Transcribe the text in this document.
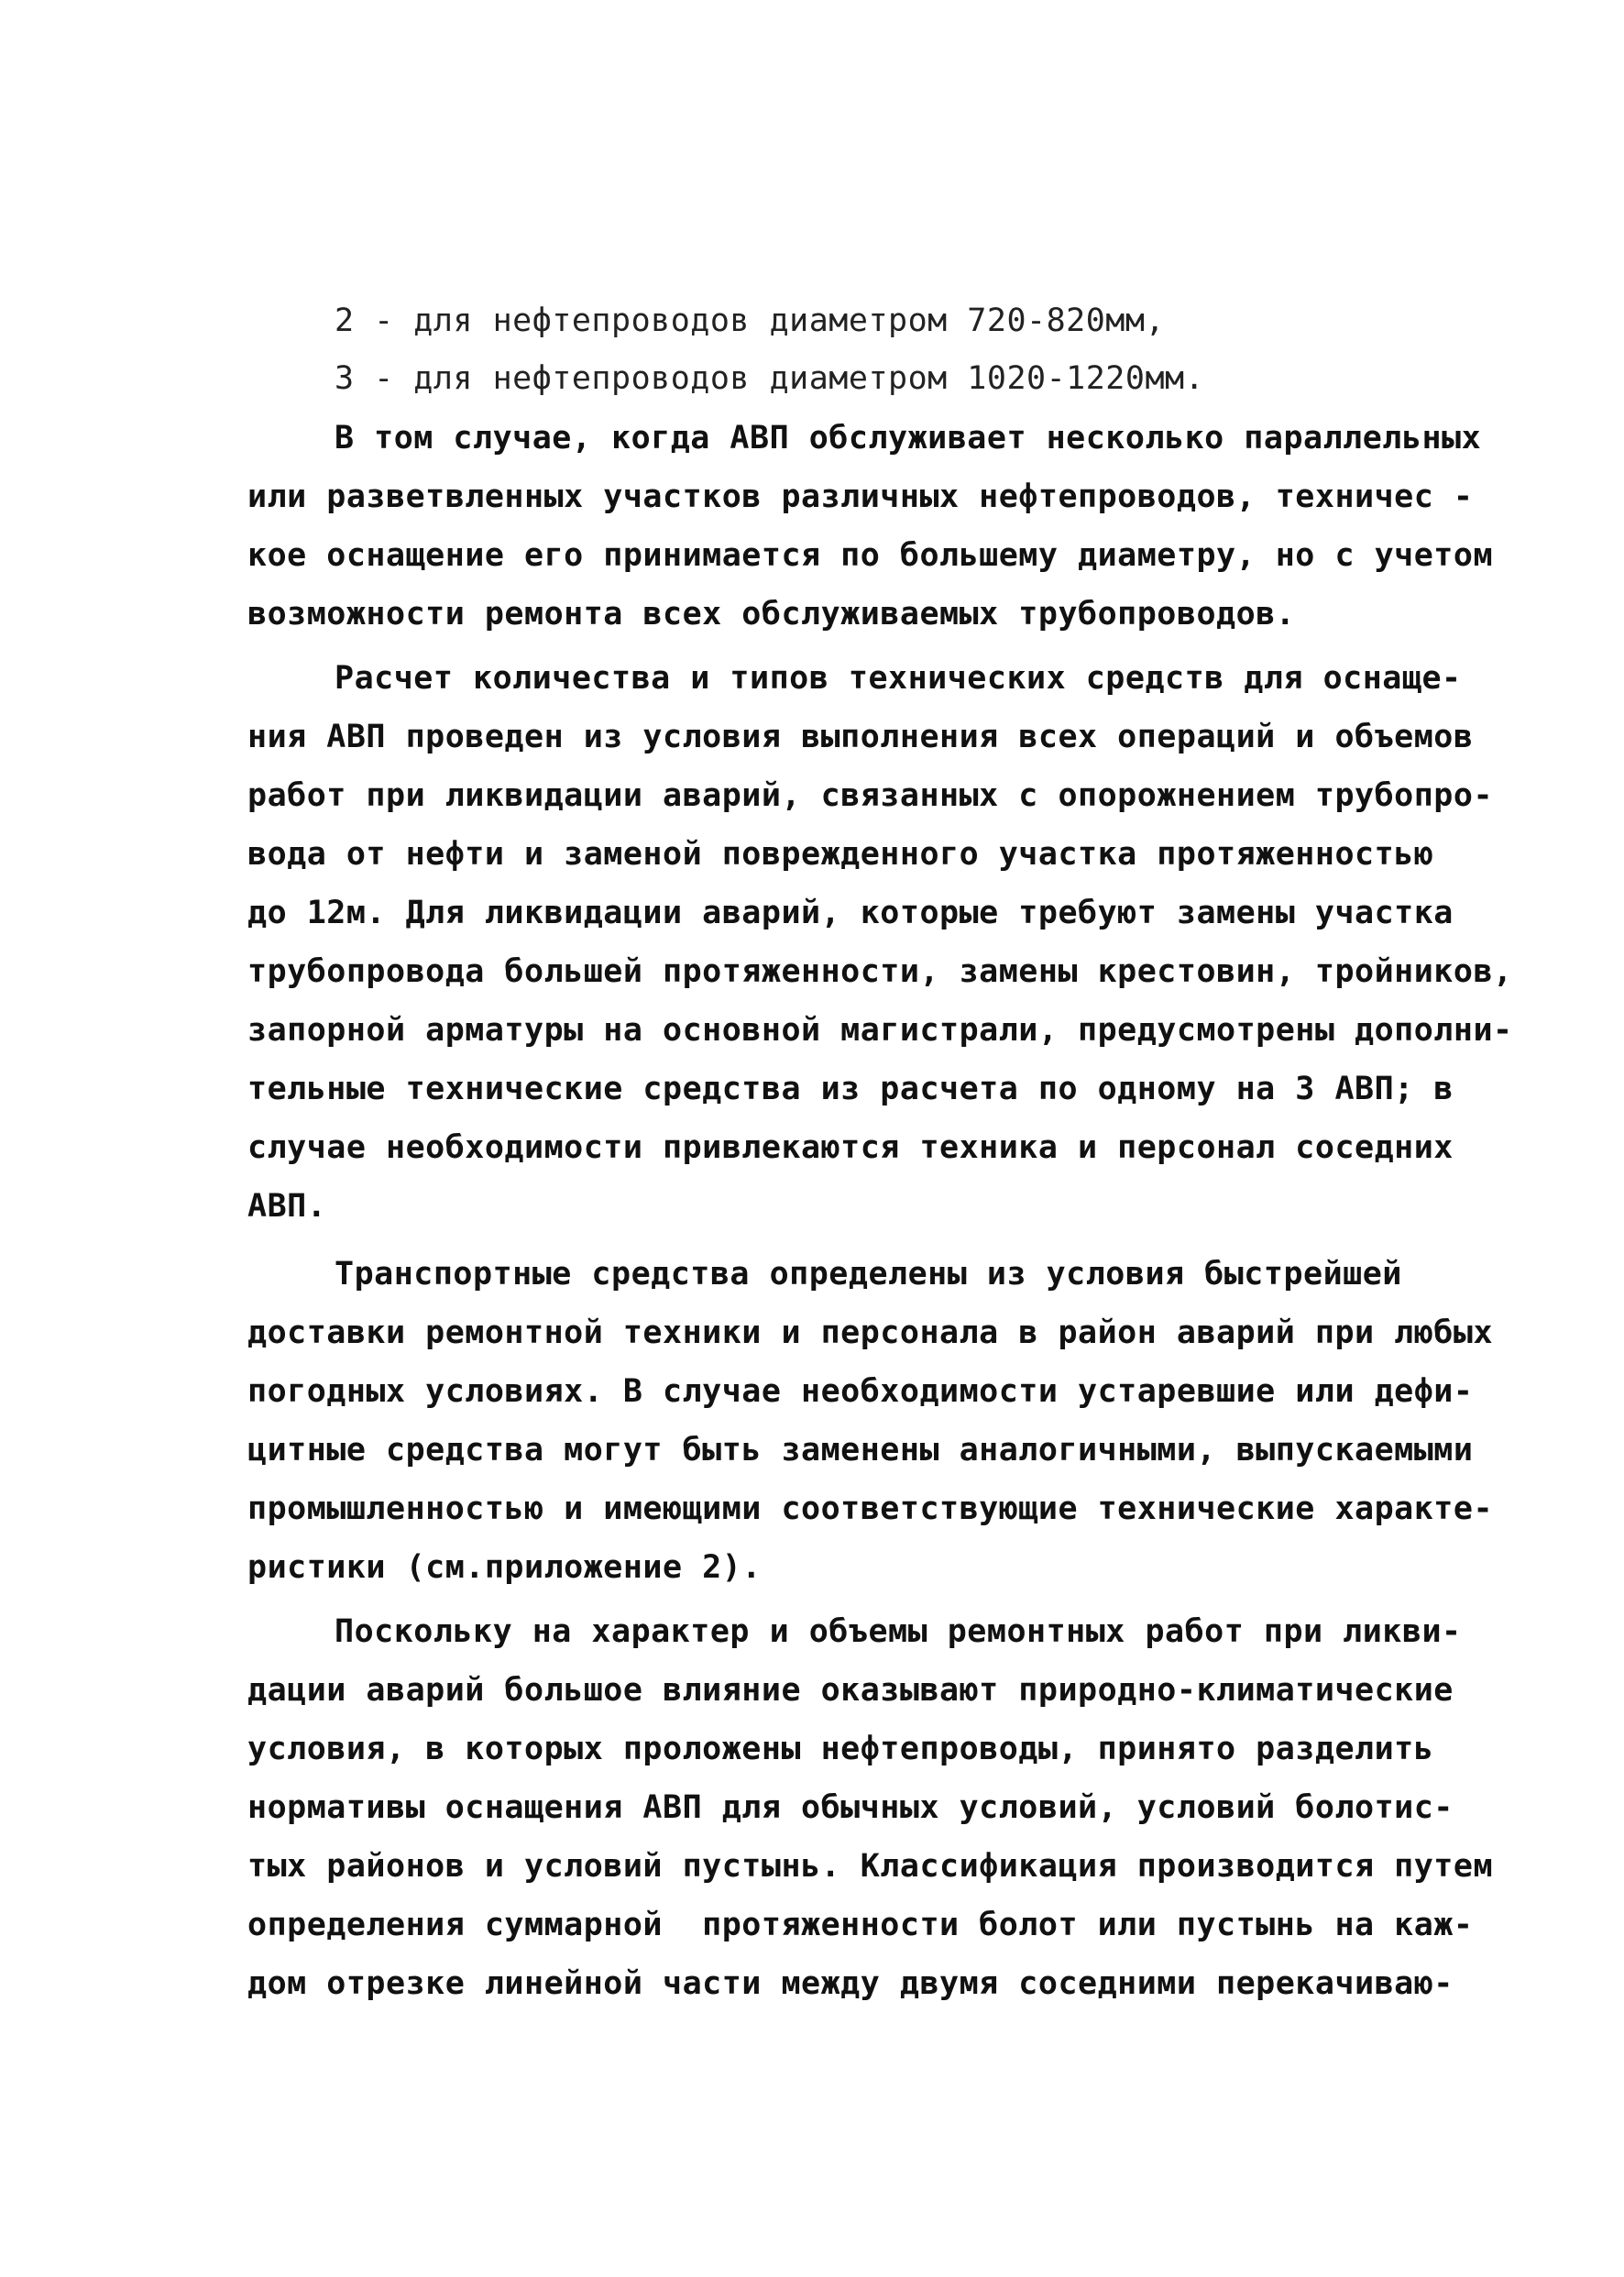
2 - для нефтепроводов диаметром 720-820мм,
3 - для нефтепроводов диаметром 1020-1220мм.
В том случае, когда АВП обслуживает несколько параллельных
или разветвленных участков различных нефтепроводов, техничес -
кое оснащение его принимается по большему диаметру, но с учетом
возможности ремонта всех обслуживаемых трубопроводов.
Расчет количества и типов технических средств для оснаще-
ния АВП проведен из условия выполнения всех операций и объемов
работ при ликвидации аварий, связанных с опорожнением трубопро-
вода от нефти и заменой поврежденного участка протяженностью
до 12м. Для ликвидации аварий, которые требуют замены участка
трубопровода большей протяженности, замены крестовин, тройников,
запорной арматуры на основной магистрали, предусмотрены дополни-
тельные технические средства из расчета по одному на 3 АВП; в
случае необходимости привлекаются техника и персонал соседних
АВП.
Транспортные средства определены из условия быстрейшей
доставки ремонтной техники и персонала в район аварий при любых
погодных условиях. В случае необходимости устаревшие или дефи-
цитные средства могут быть заменены аналогичными, выпускаемыми
промышленностью и имеющими соответствующие технические характе-
ристики (см.приложение 2).
Поскольку на характер и объемы ремонтных работ при ликви-
дации аварий большое влияние оказывают природно-климатические
условия, в которых проложены нефтепроводы, принято разделить
нормативы оснащения АВП для обычных условий, условий болотис-
тых районов и условий пустынь. Классификация производится путем
определения суммарной  протяженности болот или пустынь на каж-
дом отрезке линейной части между двумя соседними перекачиваю-
